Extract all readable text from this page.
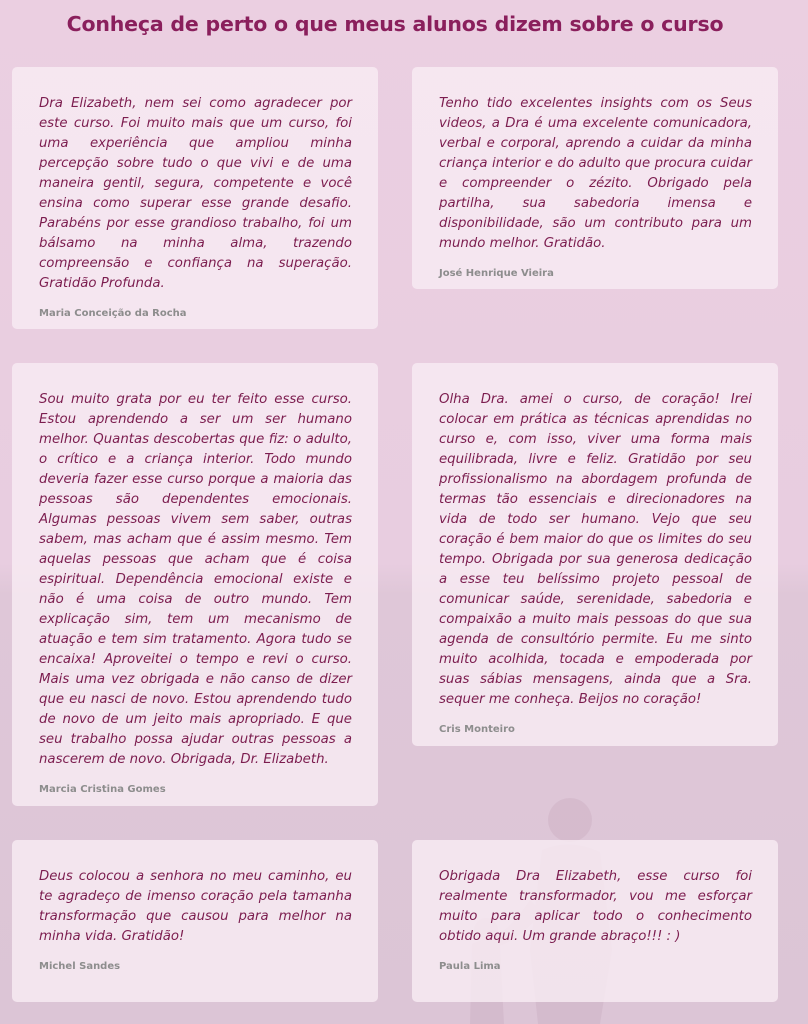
Conheça de perto o que meus alunos dizem sobre o curso

Dra Elizabeth, nem sei como agradecer por este curso. Foi muito mais que um curso, foi uma experiência que ampliou minha percepção sobre tudo o que vivi e de uma maneira gentil, segura, competente e você ensina como superar esse grande desafio. Parabéns por esse grandioso trabalho, foi um bálsamo na minha alma, trazendo compreensão e confiança na superação. Gratidão Profunda.

Maria Conceição da Rocha

Tenho tido excelentes insights com os Seus videos, a Dra é uma excelente comunicadora, verbal e corporal, aprendo a cuidar da minha criança interior e do adulto que procura cuidar e compreender o zézito. Obrigado pela partilha, sua sabedoria imensa e disponibilidade, são um contributo para um mundo melhor. Gratidão.

José Henrique Vieira

Sou muito grata por eu ter feito esse curso. Estou aprendendo a ser um ser humano melhor. Quantas descobertas que fiz: o adulto, o crítico e a criança interior. Todo mundo deveria fazer esse curso porque a maioria das pessoas são dependentes emocionais. Algumas pessoas vivem sem saber, outras sabem, mas acham que é assim mesmo. Tem aquelas pessoas que acham que é coisa espiritual. Dependência emocional existe e não é uma coisa de outro mundo. Tem explicação sim, tem um mecanismo de atuação e tem sim tratamento. Agora tudo se encaixa! Aproveitei o tempo e revi o curso. Mais uma vez obrigada e não canso de dizer que eu nasci de novo. Estou aprendendo tudo de novo de um jeito mais apropriado. E que seu trabalho possa ajudar outras pessoas a nascerem de novo. Obrigada, Dr. Elizabeth.

Marcia Cristina Gomes

Olha Dra. amei o curso, de coração! Irei colocar em prática as técnicas aprendidas no curso e, com isso, viver uma forma mais equilibrada, livre e feliz. Gratidão por seu profissionalismo na abordagem profunda de termas tão essenciais e direcionadores na vida de todo ser humano. Vejo que seu coração é bem maior do que os limites do seu tempo. Obrigada por sua generosa dedicação a esse teu belíssimo projeto pessoal de comunicar saúde, serenidade, sabedoria e compaixão a muito mais pessoas do que sua agenda de consultório permite. Eu me sinto muito acolhida, tocada e empoderada por suas sábias mensagens, ainda que a Sra. sequer me conheça. Beijos no coração!

Cris Monteiro

Deus colocou a senhora no meu caminho, eu te agradeço de imenso coração pela tamanha transformação que causou para melhor na minha vida. Gratidão!

Michel Sandes

Obrigada Dra Elizabeth, esse curso foi realmente transformador, vou me esforçar muito para aplicar todo o conhecimento obtido aqui. Um grande abraço!!! : )

Paula Lima
